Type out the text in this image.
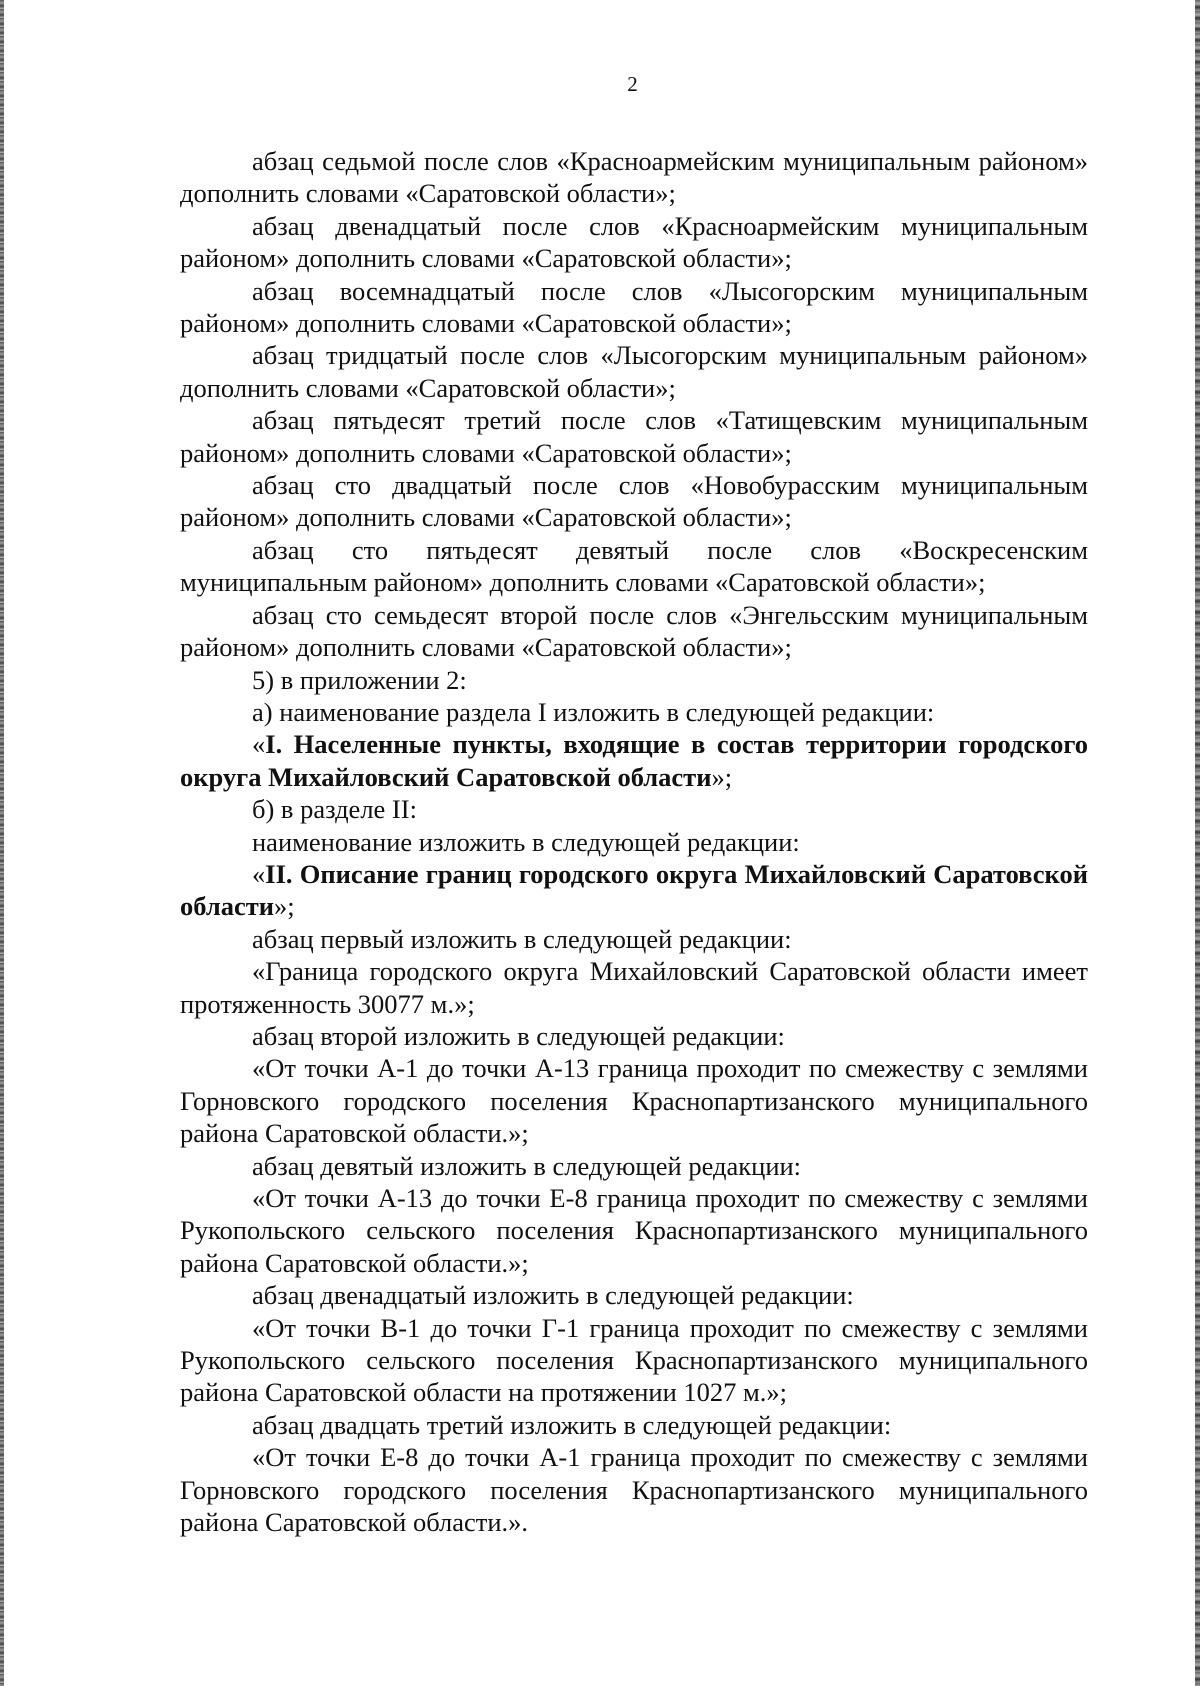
2

абзац седьмой после слов «Красноармейским муниципальным районом» дополнить словами «Саратовской области»;

абзац двенадцатый после слов «Красноармейским муниципальным районом» дополнить словами «Саратовской области»;

абзац восемнадцатый после слов «Лысогорским муниципальным районом» дополнить словами «Саратовской области»;

абзац тридцатый после слов «Лысогорским муниципальным районом» дополнить словами «Саратовской области»;

абзац пятьдесят третий после слов «Татищевским муниципальным районом» дополнить словами «Саратовской области»;

абзац сто двадцатый после слов «Новобурасским муниципальным районом» дополнить словами «Саратовской области»;

абзац сто пятьдесят девятый после слов «Воскресенским муниципальным районом» дополнить словами «Саратовской области»;

абзац сто семьдесят второй после слов «Энгельсским муниципальным районом» дополнить словами «Саратовской области»;

5) в приложении 2:

а) наименование раздела I изложить в следующей редакции:

«I. Населенные пункты, входящие в состав территории городского округа Михайловский Саратовской области»;

б) в разделе II:

наименование изложить в следующей редакции:

«II. Описание границ городского округа Михайловский Саратовской области»;

абзац первый изложить в следующей редакции:

«Граница городского округа Михайловский Саратовской области имеет протяженность 30077 м.»;

абзац второй изложить в следующей редакции:

«От точки А-1 до точки А-13 граница проходит по смежеству с землями Горновского городского поселения Краснопартизанского муниципального района Саратовской области.»;

абзац девятый изложить в следующей редакции:

«От точки А-13 до точки Е-8 граница проходит по смежеству с землями Рукопольского сельского поселения Краснопартизанского муниципального района Саратовской области.»;

абзац двенадцатый изложить в следующей редакции:

«От точки В-1 до точки Г-1 граница проходит по смежеству с землями Рукопольского сельского поселения Краснопартизанского муниципального района Саратовской области на протяжении 1027 м.»;

абзац двадцать третий изложить в следующей редакции:

«От точки Е-8 до точки А-1 граница проходит по смежеству с землями Горновского городского поселения Краснопартизанского муниципального района Саратовской области.».
